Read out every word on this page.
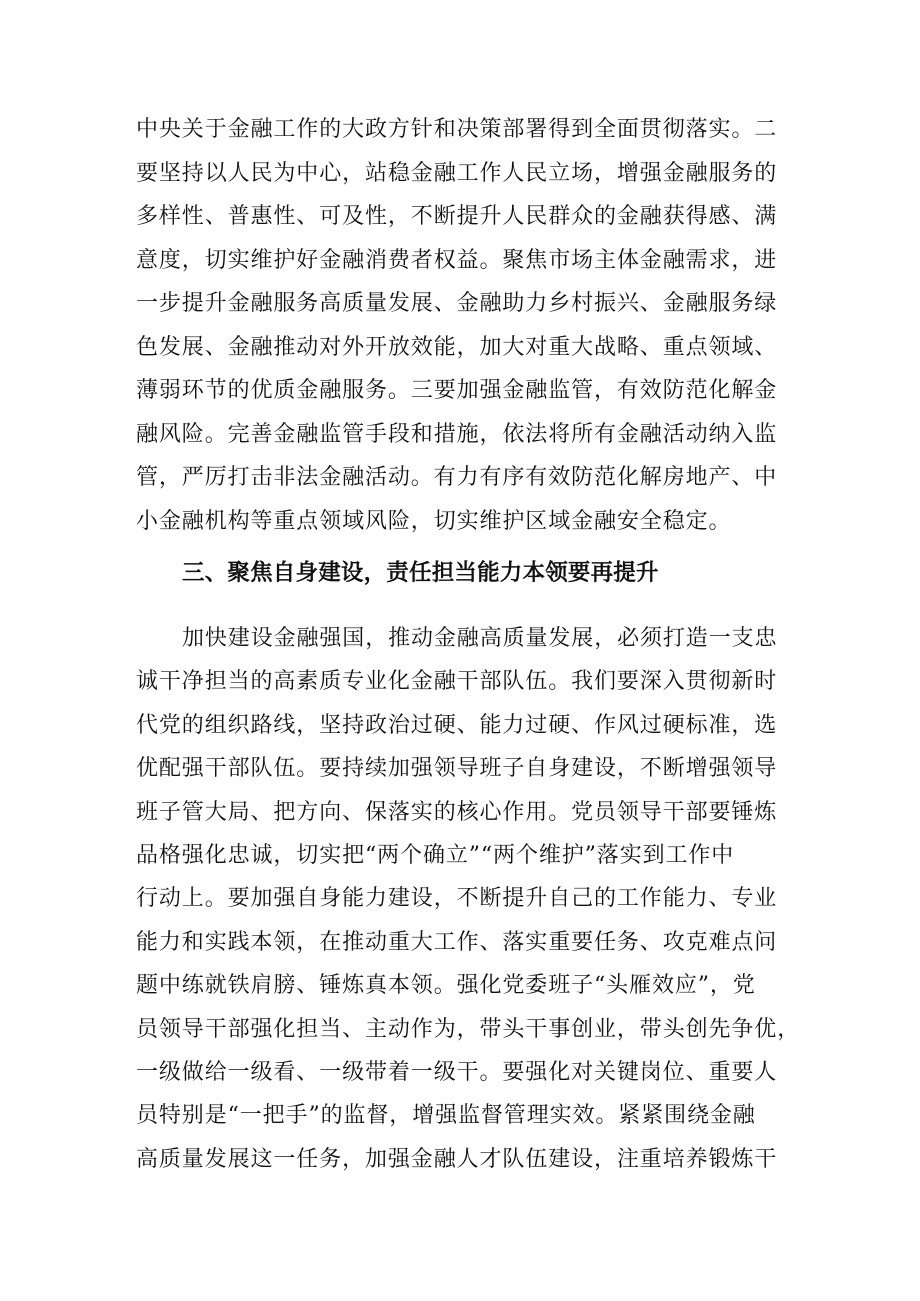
中央关于金融工作的大政方针和决策部署得到全面贯彻落实。二
要坚持以人民为中心，站稳金融工作人民立场，增强金融服务的
多样性、普惠性、可及性，不断提升人民群众的金融获得感、满
意度，切实维护好金融消费者权益。聚焦市场主体金融需求，进
一步提升金融服务高质量发展、金融助力乡村振兴、金融服务绿
色发展、金融推动对外开放效能，加大对重大战略、重点领域、
薄弱环节的优质金融服务。三要加强金融监管，有效防范化解金
融风险。完善金融监管手段和措施，依法将所有金融活动纳入监
管，严厉打击非法金融活动。有力有序有效防范化解房地产、中
小金融机构等重点领域风险，切实维护区域金融安全稳定。
三、聚焦自身建设，责任担当能力本领要再提升
加快建设金融强国，推动金融高质量发展，必须打造一支忠
诚干净担当的高素质专业化金融干部队伍。我们要深入贯彻新时
代党的组织路线，坚持政治过硬、能力过硬、作风过硬标准，选
优配强干部队伍。要持续加强领导班子自身建设，不断增强领导
班子管大局、把方向、保落实的核心作用。党员领导干部要锤炼
品格强化忠诚，切实把“两个确立”“两个维护”落实到工作中
行动上。要加强自身能力建设，不断提升自己的工作能力、专业
能力和实践本领，在推动重大工作、落实重要任务、攻克难点问
题中练就铁肩膀、锤炼真本领。强化党委班子“头雁效应”，党
员领导干部强化担当、主动作为，带头干事创业，带头创先争优，
一级做给一级看、一级带着一级干。要强化对关键岗位、重要人
员特别是“一把手”的监督，增强监督管理实效。紧紧围绕金融
高质量发展这一任务，加强金融人才队伍建设，注重培养锻炼干
